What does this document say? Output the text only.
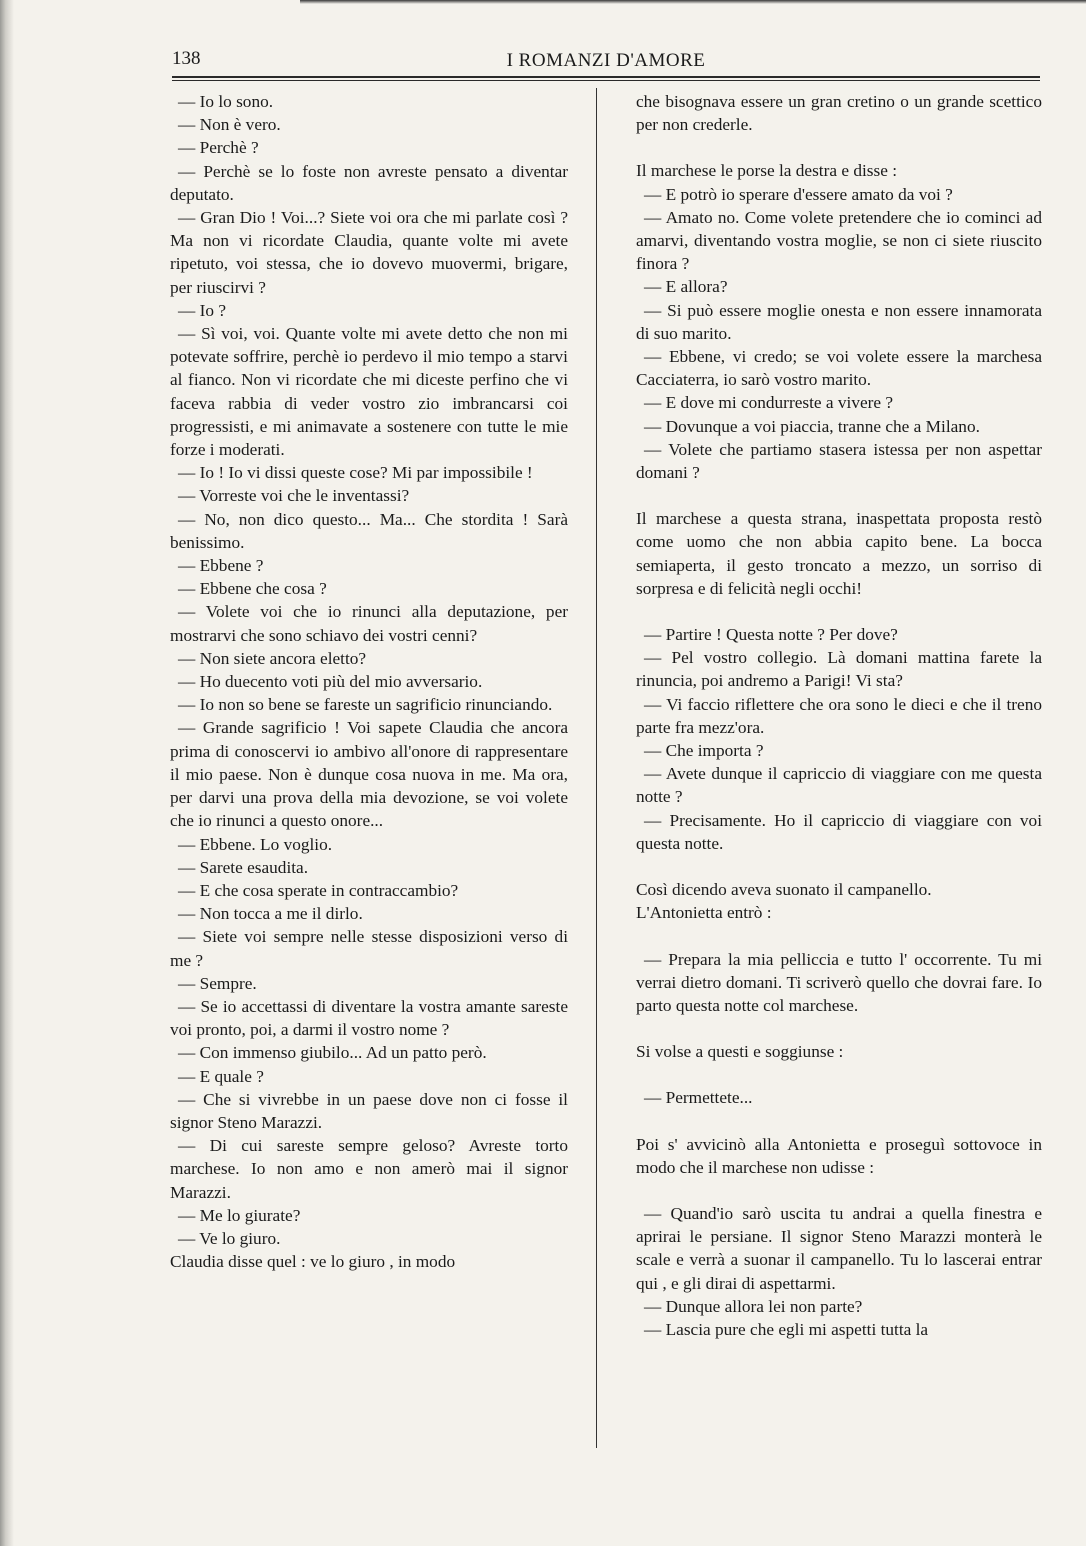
138	I ROMANZI D'AMORE

— Io lo sono.

— Non è vero.

— Perchè ?

— Perchè se lo foste non avreste pensato a diventar deputato.

— Gran Dio ! Voi...? Siete voi ora che mi parlate così ? Ma non vi ricordate Claudia, quante volte mi avete ripetuto, voi stessa, che io dovevo muovermi, brigare, per riuscirvi ?

— Io ?

— Sì voi, voi. Quante volte mi avete detto che non mi potevate soffrire, perchè io perdevo il mio tempo a starvi al fianco. Non vi ricordate che mi diceste perfino che vi faceva rabbia di veder vostro zio imbrancarsi coi progressisti, e mi animavate a sostenere con tutte le mie forze i moderati.

— Io ! Io vi dissi queste cose? Mi par impossibile !

— Vorreste voi che le inventassi?

— No, non dico questo... Ma... Che stordita ! Sarà benissimo.

— Ebbene ?

— Ebbene che cosa ?

— Volete voi che io rinunci alla deputazione, per mostrarvi che sono schiavo dei vostri cenni?

— Non siete ancora eletto?

— Ho duecento voti più del mio avversario.

— Io non so bene se fareste un sagrificio rinunciando.

— Grande sagrificio ! Voi sapete Claudia che ancora prima di conoscervi io ambivo all'onore di rappresentare il mio paese. Non è dunque cosa nuova in me. Ma ora, per darvi una prova della mia devozione, se voi volete che io rinunci a questo onore...

— Ebbene. Lo voglio.

— Sarete esaudita.

— E che cosa sperate in contraccambio?

— Non tocca a me il dirlo.

— Siete voi sempre nelle stesse disposizioni verso di me ?

— Sempre.

— Se io accettassi di diventare la vostra amante sareste voi pronto, poi, a darmi il vostro nome ?

— Con immenso giubilo... Ad un patto però.

— E quale ?

— Che si vivrebbe in un paese dove non ci fosse il signor Steno Marazzi.

— Di cui sareste sempre geloso? Avreste torto marchese. Io non amo e non amerò mai il signor Marazzi.

— Me lo giurate?

— Ve lo giuro.

Claudia disse quel : ve lo giuro , in modo

che bisognava essere un gran cretino o un grande scettico per non crederle.

Il marchese le porse la destra e disse :

— E potrò io sperare d'essere amato da voi ?

— Amato no. Come volete pretendere che io cominci ad amarvi, diventando vostra moglie, se non ci siete riuscito finora ?

— E allora?

— Si può essere moglie onesta e non essere innamorata di suo marito.

— Ebbene, vi credo; se voi volete essere la marchesa Cacciaterra, io sarò vostro marito.

— E dove mi condurreste a vivere ?

— Dovunque a voi piaccia, tranne che a Milano.

— Volete che partiamo stasera istessa per non aspettar domani ?

Il marchese a questa strana, inaspettata proposta restò come uomo che non abbia capito bene. La bocca semiaperta, il gesto troncato a mezzo, un sorriso di sorpresa e di felicità negli occhi!

— Partire ! Questa notte ? Per dove?

— Pel vostro collegio. Là domani mattina farete la rinuncia, poi andremo a Parigi! Vi sta?

— Vi faccio riflettere che ora sono le dieci e che il treno parte fra mezz'ora.

— Che importa ?

— Avete dunque il capriccio di viaggiare con me questa notte ?

— Precisamente. Ho il capriccio di viaggiare con voi questa notte.

Così dicendo aveva suonato il campanello.

L'Antonietta entrò :

— Prepara la mia pelliccia e tutto l' occorrente. Tu mi verrai dietro domani. Ti scriverò quello che dovrai fare. Io parto questa notte col marchese.

Si volse a questi e soggiunse :

— Permettete...

Poi s' avvicinò alla Antonietta e proseguì sottovoce in modo che il marchese non udisse :

— Quand'io sarò uscita tu andrai a quella finestra e aprirai le persiane. Il signor Steno Marazzi monterà le scale e verrà a suonar il campanello. Tu lo lascerai entrar qui , e gli dirai di aspettarmi.

— Dunque allora lei non parte?

— Lascia pure che egli mi aspetti tutta la
